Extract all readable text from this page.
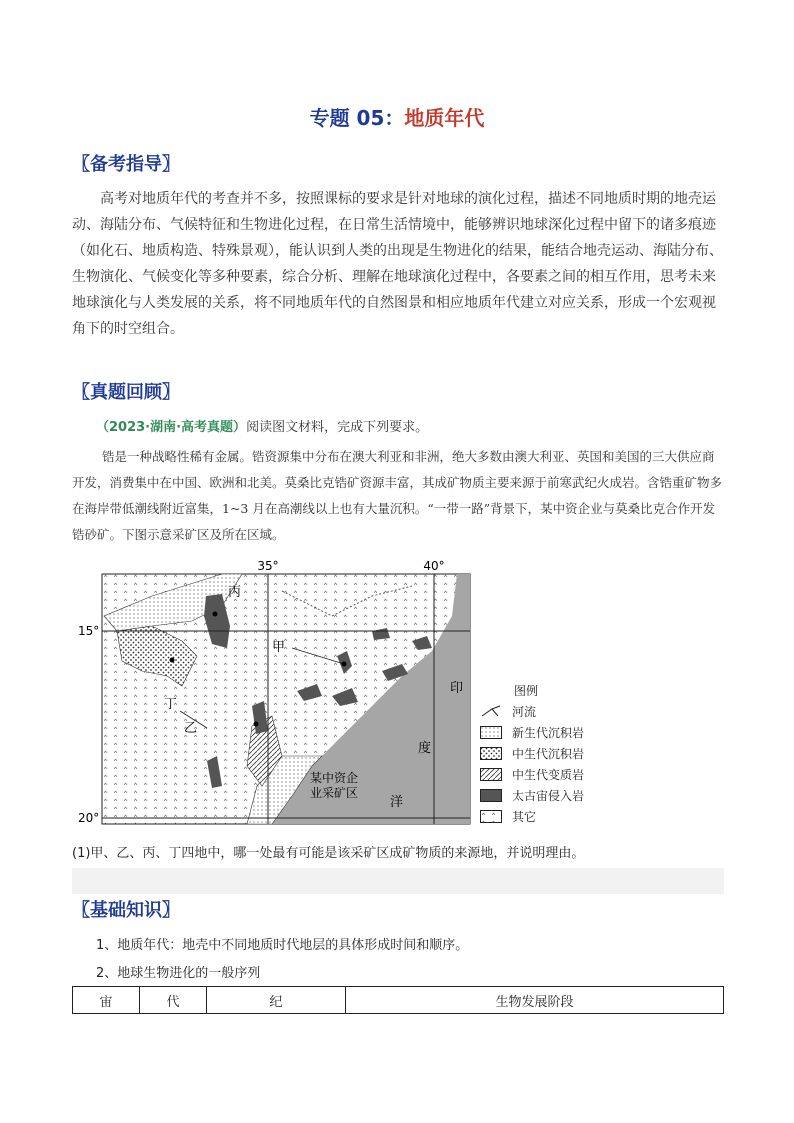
专题 05：地质年代
〖备考指导〗
高考对地质年代的考查并不多，按照课标的要求是针对地球的演化过程，描述不同地质时期的地壳运动、海陆分布、气候特征和生物进化过程，在日常生活情境中，能够辨识地球深化过程中留下的诸多痕迹（如化石、地质构造、特殊景观），能认识到人类的出现是生物进化的结果，能结合地壳运动、海陆分布、生物演化、气候变化等多种要素，综合分析、理解在地球演化过程中，各要素之间的相互作用，思考未来地球演化与人类发展的关系，将不同地质年代的自然图景和相应地质年代建立对应关系，形成一个宏观视角下的时空组合。
〖真题回顾〗
（2023·湖南·高考真题）阅读图文材料，完成下列要求。
锆是一种战略性稀有金属。锆资源集中分布在澳大利亚和非洲，绝大多数由澳大利亚、英国和美国的三大供应商开发，消费集中在中国、欧洲和北美。莫桑比克锆矿资源丰富，其成矿物质主要来源于前寒武纪火成岩。含锆重矿物多在海岸带低潮线附近富集，1~3 月在高潮线以上也有大量沉积。“一带一路”背景下，某中资企业与莫桑比克合作开发锆砂矿。下图示意采矿区及所在区域。
35°	40°
15°
20°
丙
甲
丁
乙
印
度
洋
某中资企
业采矿区
图例
河流
新生代沉积岩
中生代沉积岩
中生代变质岩
太古宙侵入岩
其它
(1)甲、乙、丙、丁四地中，哪一处最有可能是该采矿区成矿物质的来源地，并说明理由。
〖基础知识〗
1、地质年代：地壳中不同地质时代地层的具体形成时间和顺序。
2、地球生物进化的一般序列
宙	代	纪	生物发展阶段
